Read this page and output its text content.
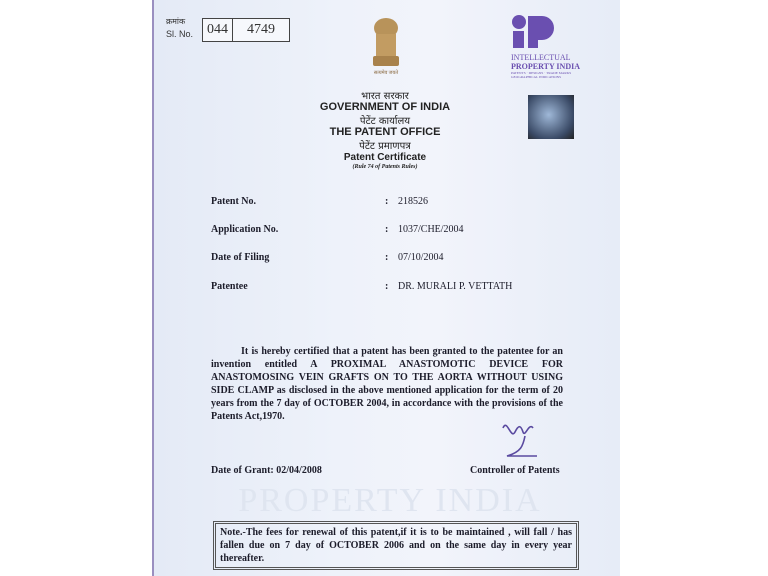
PROPERTY INDIA
क्रमांक
Sl. No. 044	4749
सत्यमेव जयते
भारत सरकार
GOVERNMENT OF INDIA
पेटेंट कार्यालय
THE PATENT OFFICE
पेटेंट प्रमाणपत्र
Patent Certificate
(Rule 74 of Patents Rules)
INTELLECTUAL
PROPERTY INDIA
PATENTS · DESIGNS · TRADE MARKS
GEOGRAPHICAL INDICATIONS
Patent No.	: 218526
Application No.	: 1037/CHE/2004
Date of Filing	: 07/10/2004
Patentee	: DR. MURALI P. VETTATH
It is hereby certified that a patent has been granted to the patentee for an invention entitled A PROXIMAL ANASTOMOTIC DEVICE FOR ANASTOMOSING VEIN GRAFTS ON TO THE AORTA WITHOUT USING SIDE CLAMP as disclosed in the above mentioned application for the term of 20 years from the 7 day of OCTOBER 2004, in accordance with the provisions of the Patents Act,1970.
Date of Grant: 02/04/2008	Controller of Patents
Note.-The fees for renewal of this patent,if it is to be maintained , will fall / has fallen due on 7 day of OCTOBER 2006 and on the same day in every year thereafter.
